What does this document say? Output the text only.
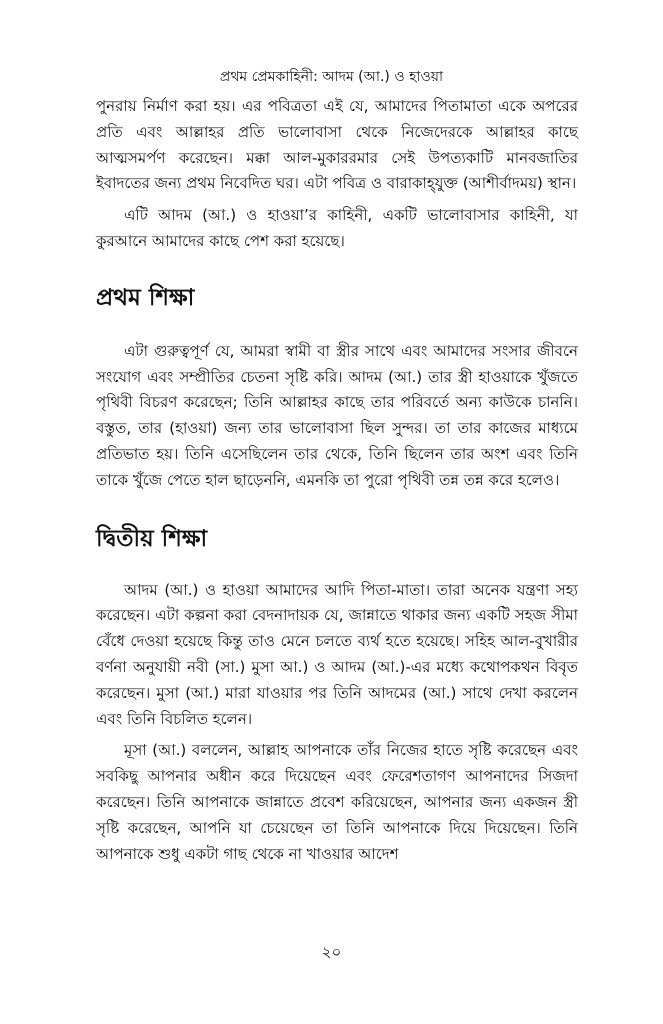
প্রথম প্রেমকাহিনী: আদম (আ.) ও হাওয়া

পুনরায় নির্মাণ করা হয়। এর পবিত্রতা এই যে, আমাদের পিতামাতা একে অপরের প্রতি এবং আল্লাহর প্রতি ভালোবাসা থেকে নিজেদেরকে আল্লাহর কাছে আত্মসমর্পণ করেছেন। মক্কা আল-মুকাররমার সেই উপত্যকাটি মানবজাতির ইবাদতের জন্য প্রথম নিবেদিত ঘর। এটা পবিত্র ও বারাকাহ্‌যুক্ত (আশীর্বাদময়) স্থান।

এটি আদম (আ.) ও হাওয়া’র কাহিনী, একটি ভালোবাসার কাহিনী, যা কুরআনে আমাদের কাছে পেশ করা হয়েছে।

প্রথম শিক্ষা

এটা গুরুত্বপূর্ণ যে, আমরা স্বামী বা স্ত্রীর সাথে এবং আমাদের সংসার জীবনে সংযোগ এবং সম্প্রীতির চেতনা সৃষ্টি করি। আদম (আ.) তার স্ত্রী হাওয়াকে খুঁজতে পৃথিবী বিচরণ করেছেন; তিনি আল্লাহর কাছে তার পরিবর্তে অন্য কাউকে চাননি। বস্তুত, তার (হাওয়া) জন্য তার ভালোবাসা ছিল সুন্দর। তা তার কাজের মাধ্যমে প্রতিভাত হয়। তিনি এসেছিলেন তার থেকে, তিনি ছিলেন তার অংশ এবং তিনি তাকে খুঁজে পেতে হাল ছাড়েননি, এমনকি তা পুরো পৃথিবী তন্ন তন্ন করে হলেও।

দ্বিতীয় শিক্ষা

আদম (আ.) ও হাওয়া আমাদের আদি পিতা-মাতা। তারা অনেক যন্ত্রণা সহ্য করেছেন। এটা কল্পনা করা বেদনাদায়ক যে, জান্নাতে থাকার জন্য একটি সহজ সীমা বেঁধে দেওয়া হয়েছে কিন্তু তাও মেনে চলতে ব্যর্থ হতে হয়েছে। সহিহ আল-বুখারীর বর্ণনা অনুযায়ী নবী (সা.) মুসা আ.) ও আদম (আ.)-এর মধ্যে কথোপকথন বিবৃত করেছেন। মুসা (আ.) মারা যাওয়ার পর তিনি আদমের (আ.) সাথে দেখা করলেন এবং তিনি বিচলিত হলেন।

মূসা (আ.) বললেন, আল্লাহ আপনাকে তাঁর নিজের হাতে সৃষ্টি করেছেন এবং সবকিছু আপনার অধীন করে দিয়েছেন এবং ফেরেশতাগণ আপনাদের সিজদা করেছেন। তিনি আপনাকে জান্নাতে প্রবেশ করিয়েছেন, আপনার জন্য একজন স্ত্রী সৃষ্টি করেছেন, আপনি যা চেয়েছেন তা তিনি আপনাকে দিয়ে দিয়েছেন। তিনি আপনাকে শুধু একটা গাছ থেকে না খাওয়ার আদেশ

২০
